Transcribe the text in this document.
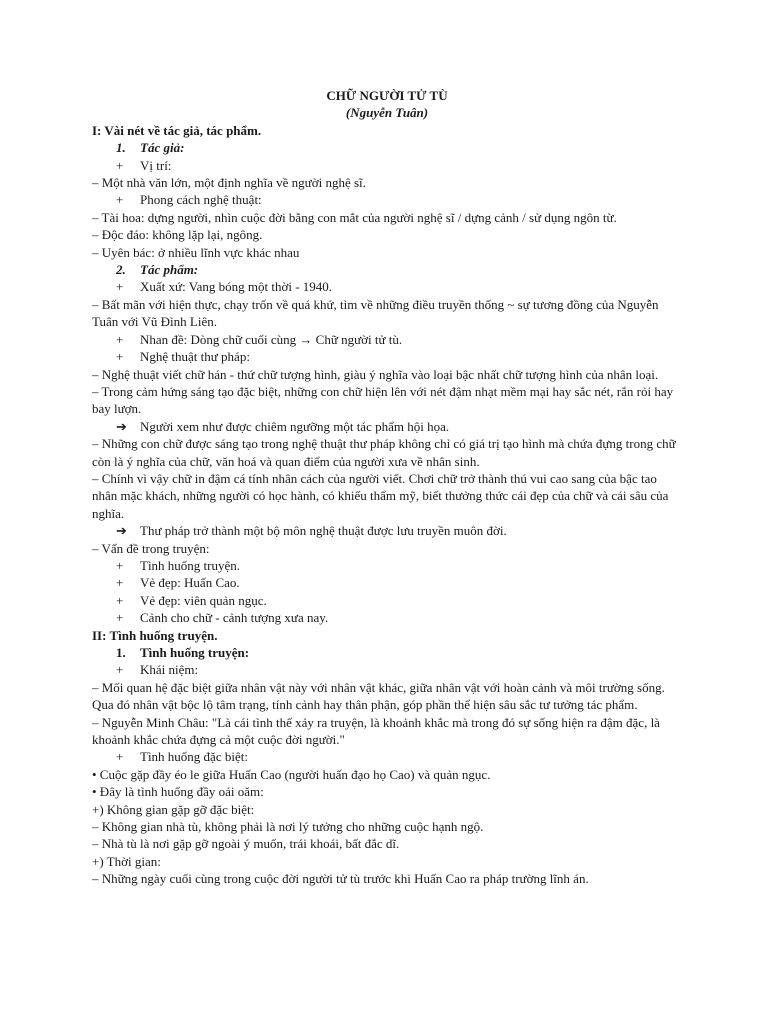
CHỮ NGƯỜI TỬ TÙ
(Nguyễn Tuân)
I: Vài nét về tác giả, tác phẩm.
1. Tác giả:
+ Vị trí:
– Một nhà văn lớn, một định nghĩa về người nghệ sĩ.
+ Phong cách nghệ thuật:
– Tài hoa: dựng người, nhìn cuộc đời bằng con mắt của người nghệ sĩ / dựng cảnh / sử dụng ngôn từ.
– Độc đáo: không lặp lại, ngông.
– Uyên bác: ở nhiều lĩnh vực khác nhau
2. Tác phẩm:
+ Xuất xứ: Vang bóng một thời - 1940.
– Bất mãn với hiện thực, chạy trốn về quá khứ, tìm về những điều truyền thống ~ sự tương đồng của Nguyễn Tuân với Vũ Đình Liên.
+ Nhan đề: Dòng chữ cuối cùng → Chữ người tử tù.
+ Nghệ thuật thư pháp:
– Nghệ thuật viết chữ hán - thứ chữ tượng hình, giàu ý nghĩa vào loại bậc nhất chữ tượng hình của nhân loại.
– Trong cảm hứng sáng tạo đặc biệt, những con chữ hiện lên với nét đậm nhạt mềm mại hay sắc nét, rắn rỏi hay bay lượn.
➔ Người xem như được chiêm ngưỡng một tác phẩm hội họa.
– Những con chữ được sáng tạo trong nghệ thuật thư pháp không chỉ có giá trị tạo hình mà chứa đựng trong chữ còn là ý nghĩa của chữ, văn hoá và quan điểm của người xưa về nhân sinh.
– Chính vì vậy chữ in đậm cá tính nhân cách của người viết. Chơi chữ trở thành thú vui cao sang của bậc tao nhân mặc khách, những người có học hành, có khiếu thẩm mỹ, biết thưởng thức cái đẹp của chữ và cái sâu của nghĩa.
➔ Thư pháp trở thành một bộ môn nghệ thuật được lưu truyền muôn đời.
– Vấn đề trong truyện:
+ Tình huống truyện.
+ Vẻ đẹp: Huấn Cao.
+ Vẻ đẹp: viên quản ngục.
+ Cảnh cho chữ - cảnh tượng xưa nay.
II: Tình huống truyện.
1. Tình huống truyện:
+ Khái niệm:
– Mối quan hệ đặc biệt giữa nhân vật này với nhân vật khác, giữa nhân vật với hoàn cảnh và môi trường sống. Qua đó nhân vật bộc lộ tâm trạng, tính cảnh hay thân phận, góp phần thể hiện sâu sắc tư tưởng tác phẩm.
– Nguyễn Minh Châu: "Là cái tình thế xảy ra truyện, là khoảnh khắc mà trong đó sự sống hiện ra đậm đặc, là khoảnh khắc chứa đựng cả một cuộc đời người."
+ Tình huống đặc biệt:
• Cuộc gặp đầy éo le giữa Huấn Cao (người huấn đạo họ Cao) và quản ngục.
• Đây là tình huống đầy oái oăm:
+) Không gian gặp gỡ đặc biệt:
– Không gian nhà tù, không phải là nơi lý tưởng cho những cuộc hạnh ngộ.
– Nhà tù là nơi gặp gỡ ngoài ý muốn, trái khoái, bất đắc dĩ.
+) Thời gian:
– Những ngày cuối cùng trong cuộc đời người tử tù trước khi Huấn Cao ra pháp trường lĩnh án.
